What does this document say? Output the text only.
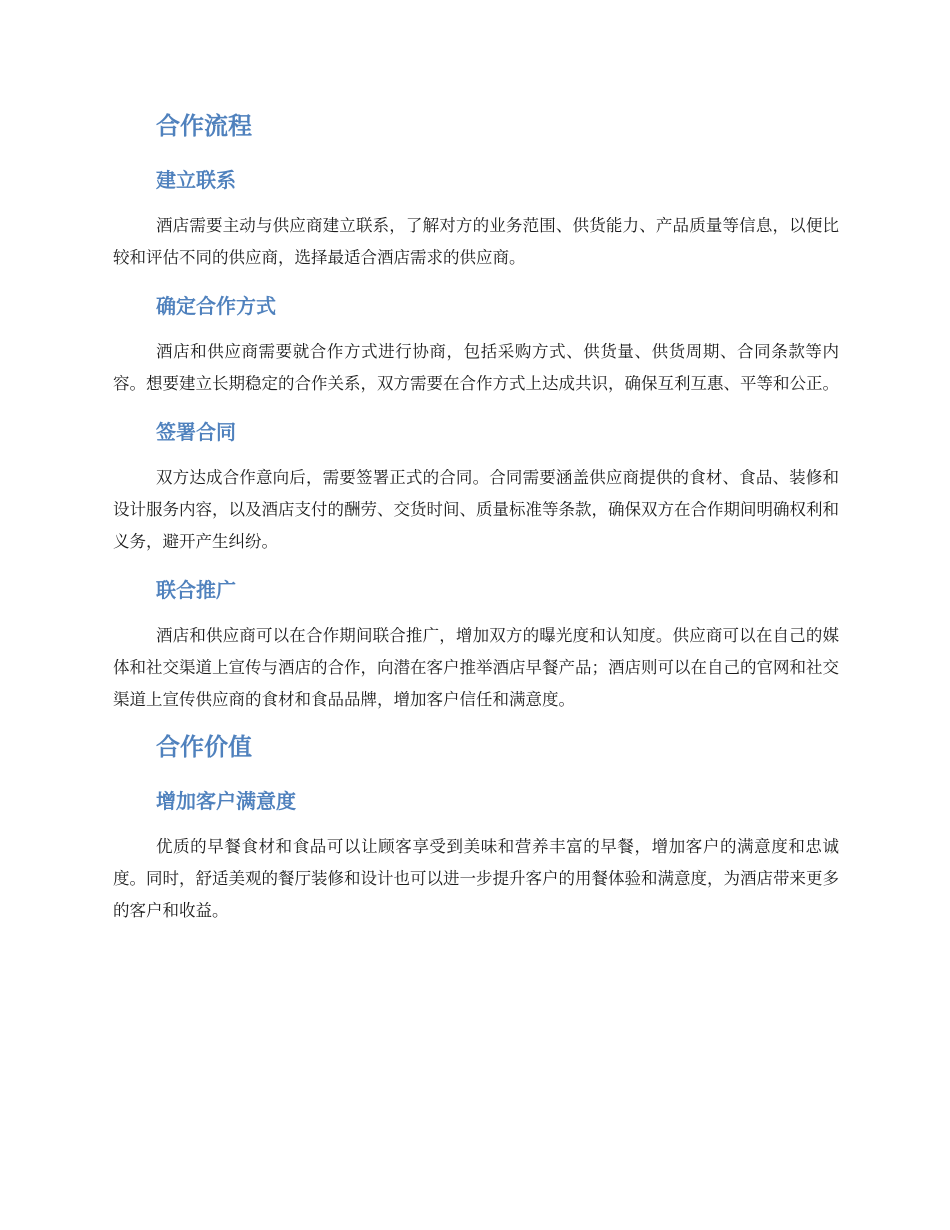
合作流程
建立联系

酒店需要主动与供应商建立联系，了解对方的业务范围、供货能力、产品质量等信息，以便比较和评估不同的供应商，选择最适合酒店需求的供应商。

确定合作方式

酒店和供应商需要就合作方式进行协商，包括采购方式、供货量、供货周期、合同条款等内容。想要建立长期稳定的合作关系，双方需要在合作方式上达成共识，确保互利互惠、平等和公正。

签署合同

双方达成合作意向后，需要签署正式的合同。合同需要涵盖供应商提供的食材、食品、装修和设计服务内容，以及酒店支付的酬劳、交货时间、质量标准等条款，确保双方在合作期间明确权利和义务，避开产生纠纷。

联合推广

酒店和供应商可以在合作期间联合推广，增加双方的曝光度和认知度。供应商可以在自己的媒体和社交渠道上宣传与酒店的合作，向潜在客户推举酒店早餐产品；酒店则可以在自己的官网和社交渠道上宣传供应商的食材和食品品牌，增加客户信任和满意度。

合作价值
增加客户满意度

优质的早餐食材和食品可以让顾客享受到美味和营养丰富的早餐，增加客户的满意度和忠诚度。同时，舒适美观的餐厅装修和设计也可以进一步提升客户的用餐体验和满意度，为酒店带来更多的客户和收益。
